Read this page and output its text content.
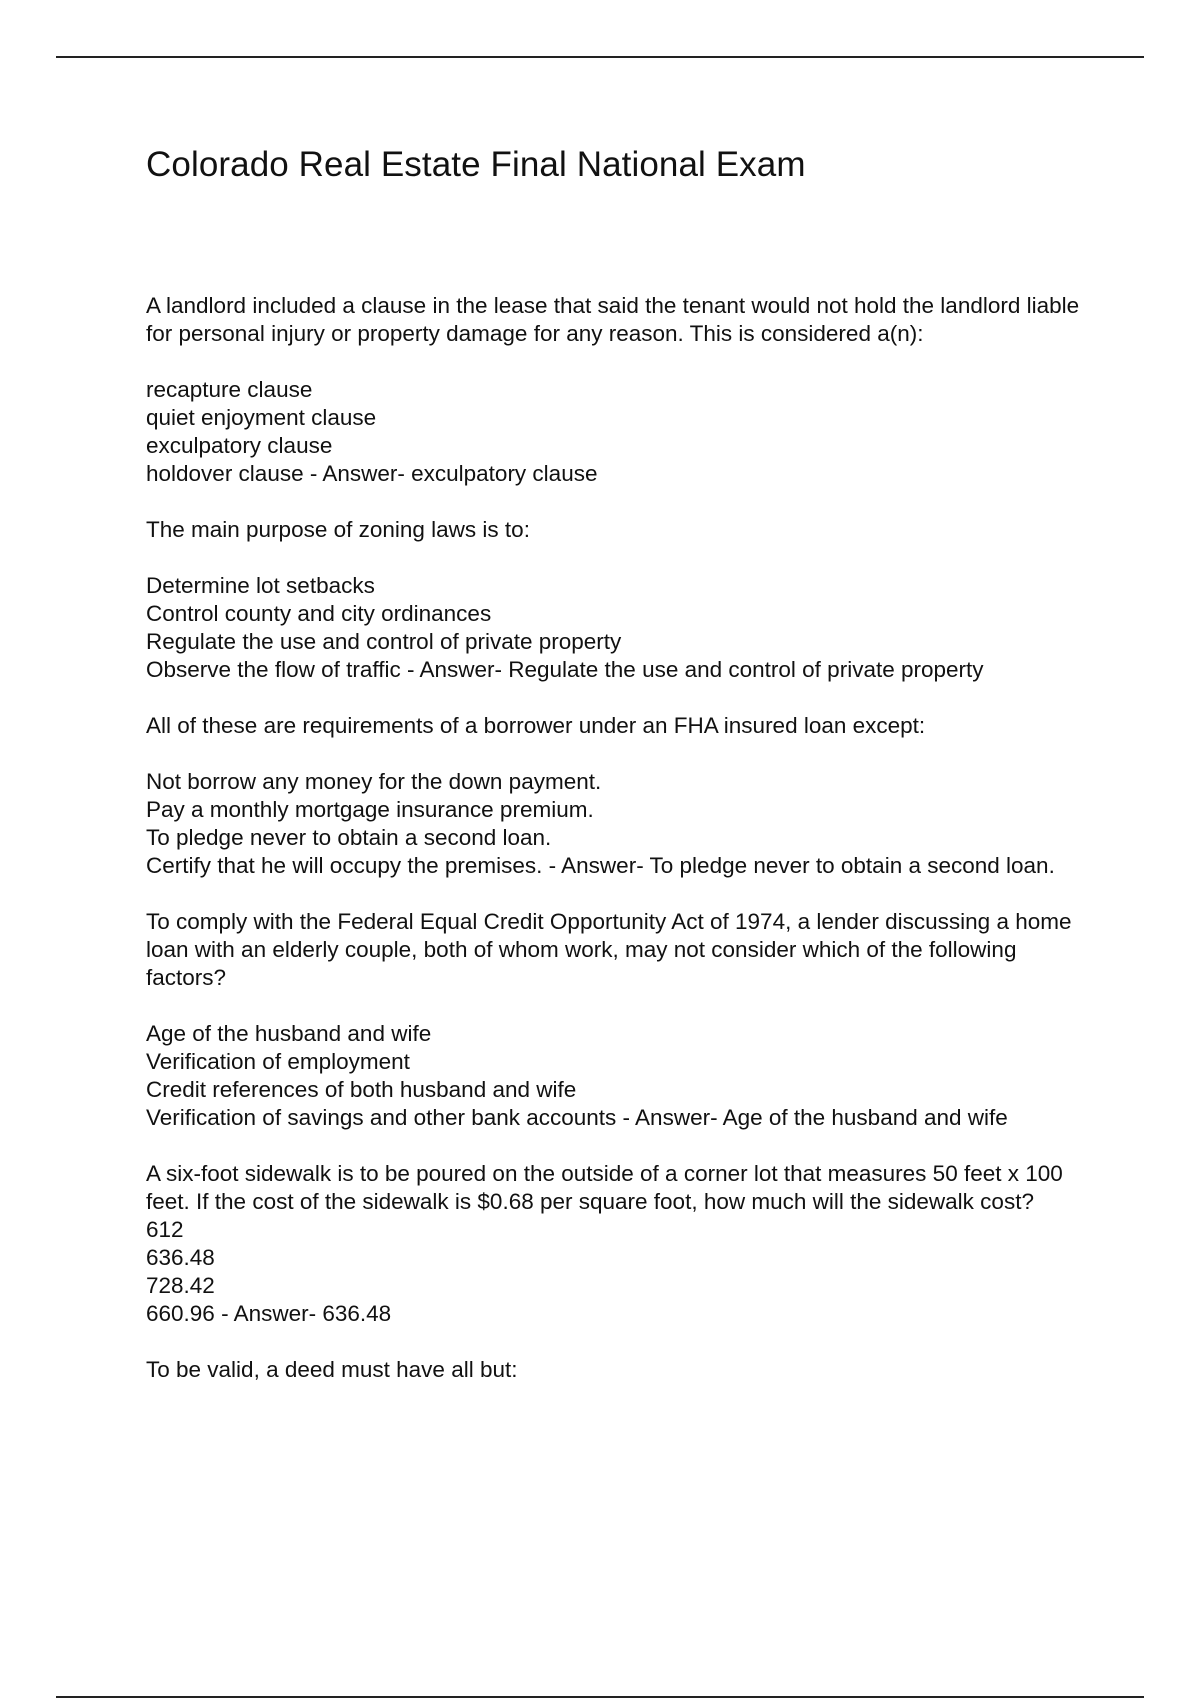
Colorado Real Estate Final National Exam

A landlord included a clause in the lease that said the tenant would not hold the landlord liable for personal injury or property damage for any reason. This is considered a(n):

recapture clause

quiet enjoyment clause

exculpatory clause

holdover clause - Answer- exculpatory clause

The main purpose of zoning laws is to:

Determine lot setbacks

Control county and city ordinances

Regulate the use and control of private property

Observe the flow of traffic - Answer- Regulate the use and control of private property

All of these are requirements of a borrower under an FHA insured loan except:

Not borrow any money for the down payment.

Pay a monthly mortgage insurance premium.

To pledge never to obtain a second loan.

Certify that he will occupy the premises. - Answer- To pledge never to obtain a second loan.

To comply with the Federal Equal Credit Opportunity Act of 1974, a lender discussing a home loan with an elderly couple, both of whom work, may not consider which of the following factors?

Age of the husband and wife

Verification of employment

Credit references of both husband and wife

Verification of savings and other bank accounts - Answer- Age of the husband and wife

A six-foot sidewalk is to be poured on the outside of a corner lot that measures 50 feet x 100 feet. If the cost of the sidewalk is $0.68 per square foot, how much will the sidewalk cost?

612

636.48

728.42

660.96 - Answer- 636.48

To be valid, a deed must have all but:
